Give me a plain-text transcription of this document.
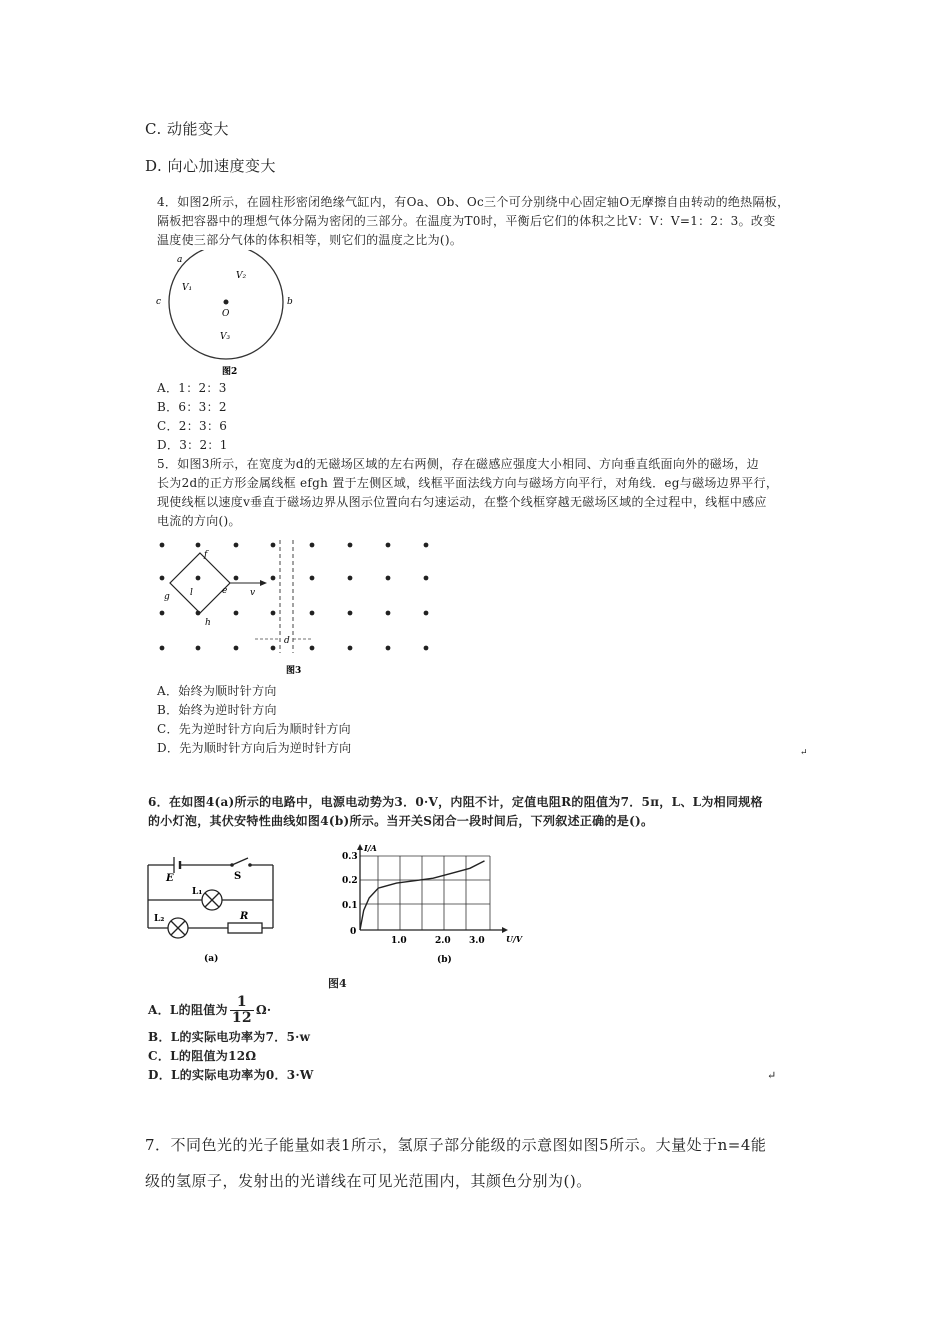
C. 动能变大
D. 向心加速度变大
4．如图2所示，在圆柱形密闭绝缘气缸内，有Oa、Ob、Oc三个可分别绕中心固定轴O无摩擦自由转动的绝热隔板，
隔板把容器中的理想气体分隔为密闭的三部分。在温度为T0时，平衡后它们的体积之比V：V：V=1：2：3。改变
温度使三部分气体的体积相等，则它们的温度之比为()。
a
b
c
O
V₁
V₂
V₃
图2
A．1：2：3
B．6：3：2
C．2：3：6
D．3：2：1
5．如图3所示，在宽度为d的无磁场区域的左右两侧，存在磁感应强度大小相同、方向垂直纸面向外的磁场，边
长为2d的正方形金属线框 efgh 置于左侧区域，线框平面法线方向与磁场方向平行，对角线．eg与磁场边界平行，
现使线框以速度v垂直于磁场边界从图示位置向右匀速运动，在整个线框穿越无磁场区域的全过程中，线框中感应
电流的方向()。
f
g
e
h
l	v
d
图3
A．始终为顺时针方向
B．始终为逆时针方向
C．先为逆时针方向后为顺时针方向
D．先为顺时针方向后为逆时针方向	↵
6．在如图4(a)所示的电路中，电源电动势为3．0·V，内阻不计，定值电阻R的阻值为7．5π，L、L为相同规格
的小灯泡，其伏安特性曲线如图4(b)所示。当开关S闭合一段时间后，下列叙述正确的是()。
E	S
L₁
L₂	R
(a)
I/A
U/V
0.3
0.2
0.1
0
1.0	2.0 3.0
(b)
图4
A．L的阻值为 1
12 Ω·
B．L的实际电功率为7．5·w
C．L的阻值为12Ω
D．L的实际电功率为0．3·W	↵
7．不同色光的光子能量如表1所示，氢原子部分能级的示意图如图5所示。大量处于n=4能
级的氢原子，发射出的光谱线在可见光范围内，其颜色分别为()。
